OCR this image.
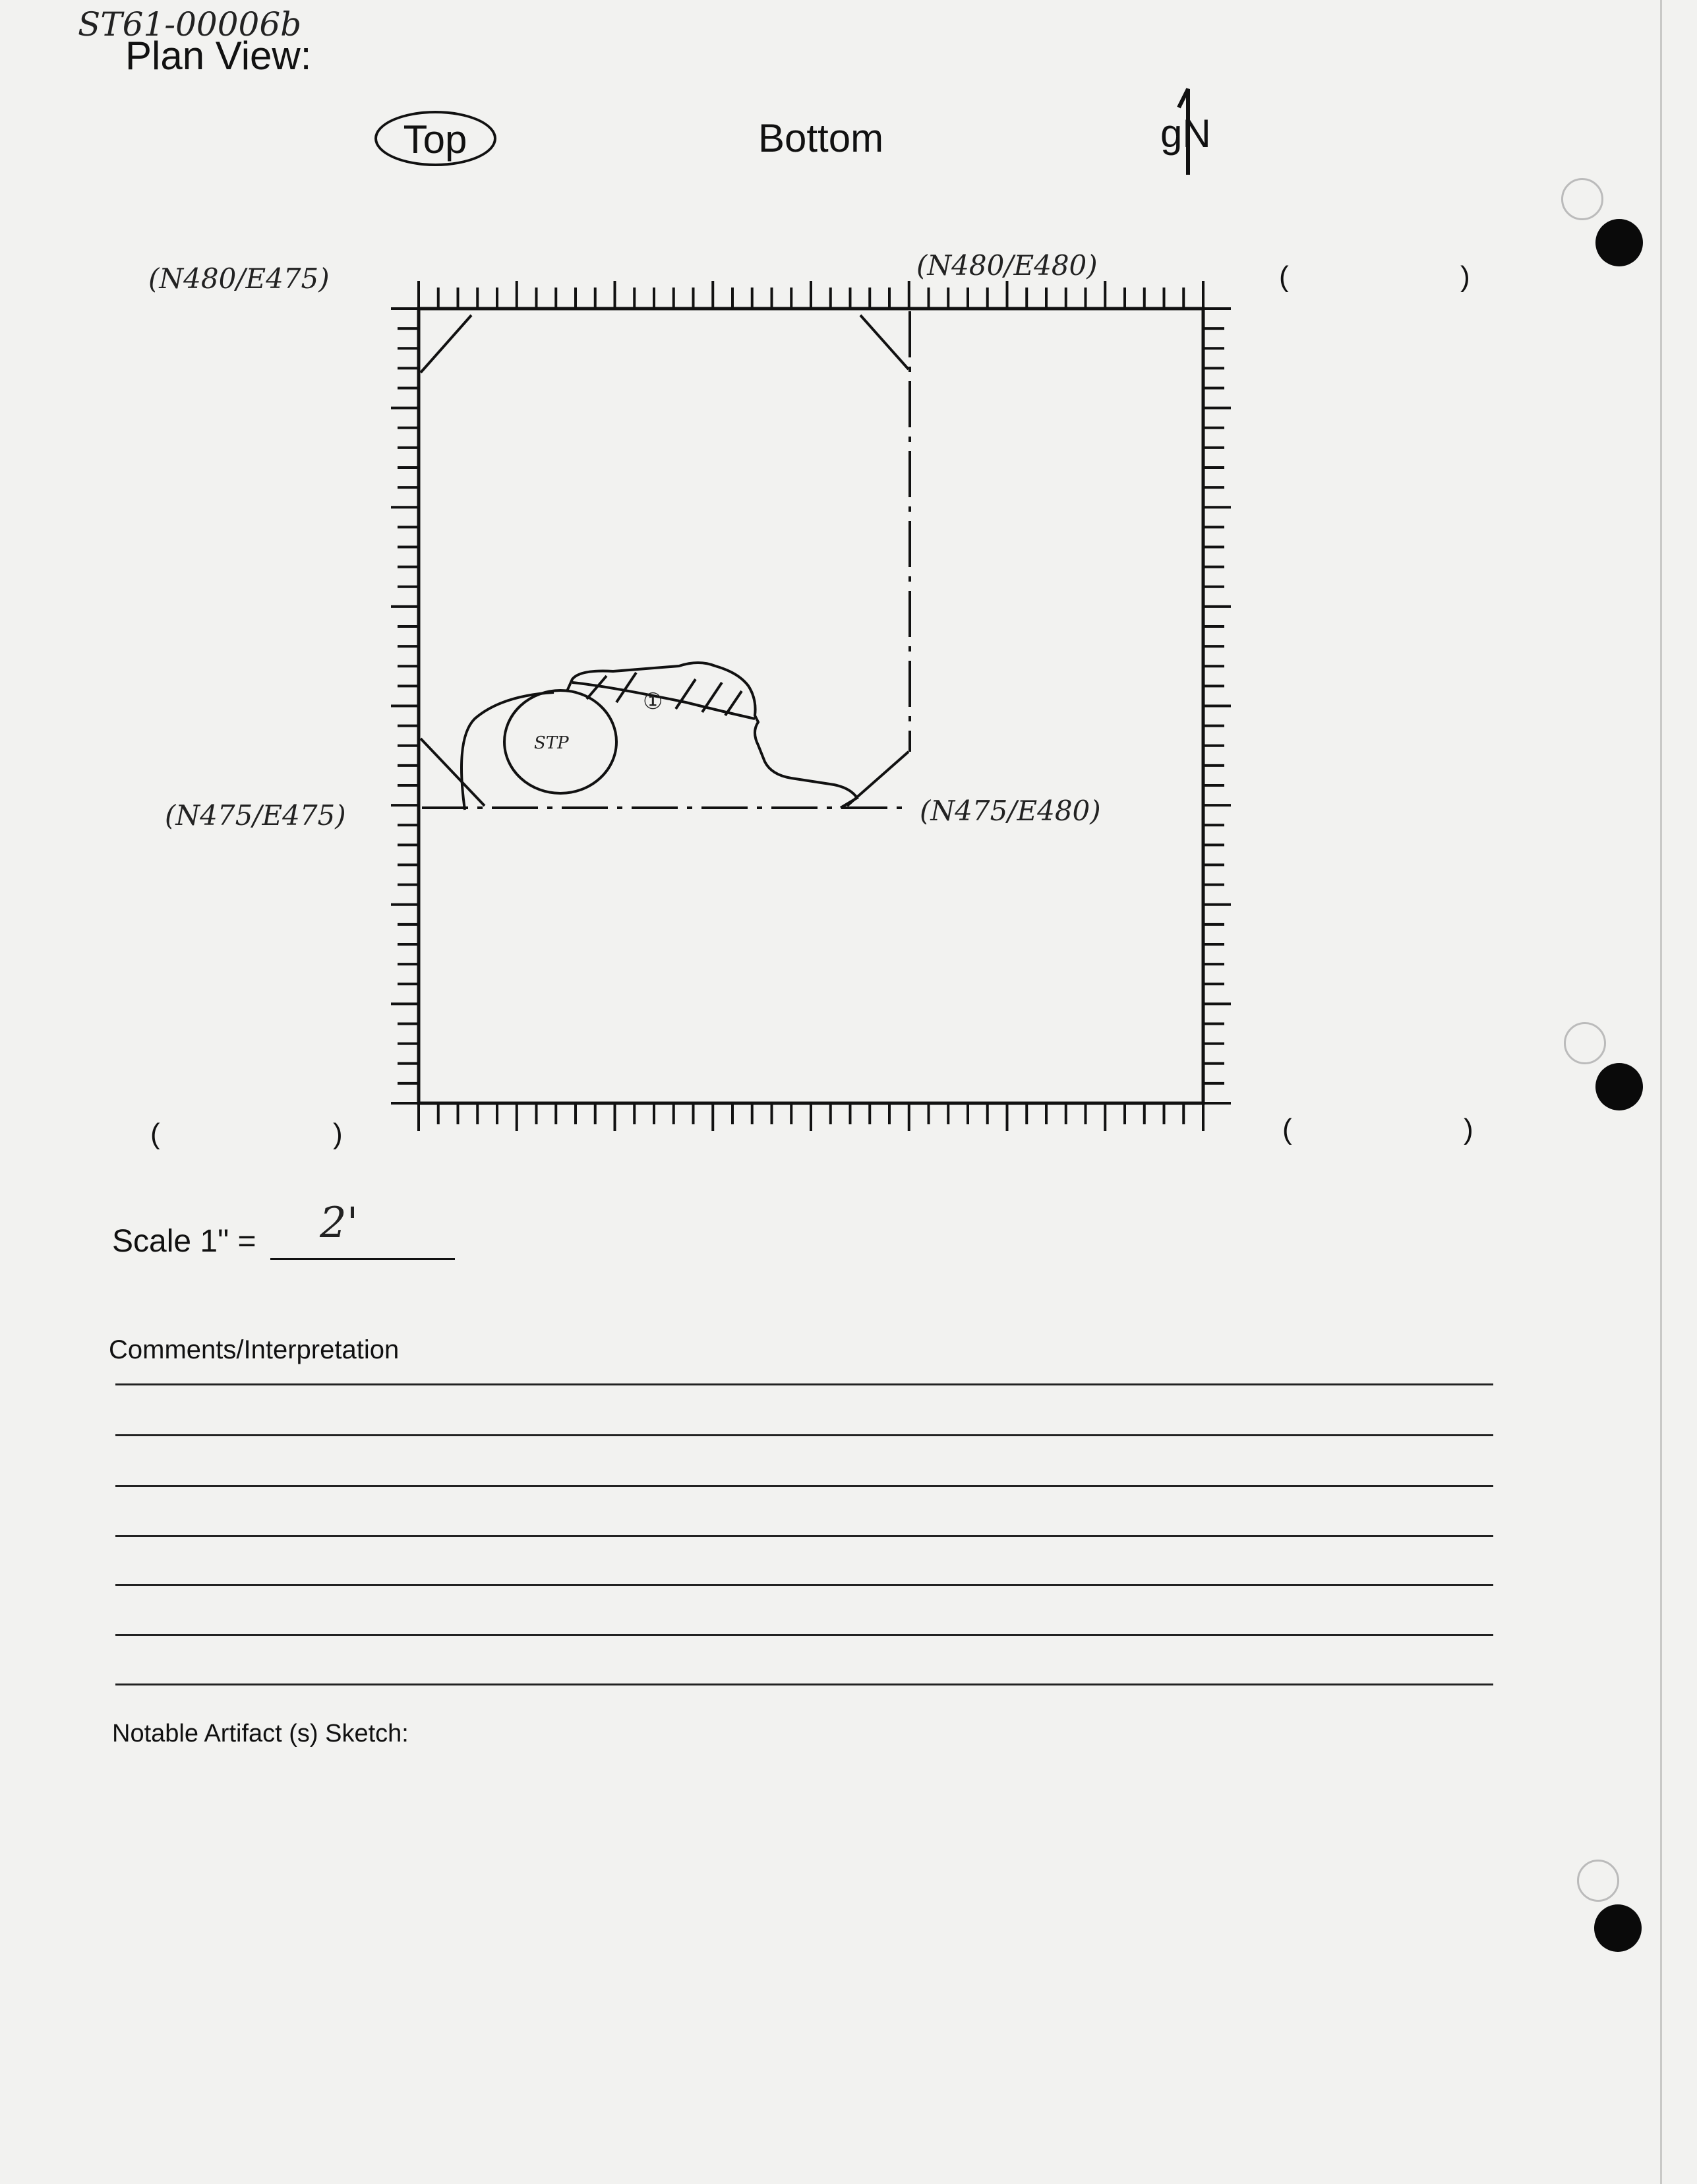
ST61-00006b
Plan View:
Top	Bottom	gN
STP
①
(N480/E475)	(N480/E480)
(N475/E475)	(N475/E480)
(	)
(	)	(	)
Scale 1" = 2'
Comments/Interpretation
Notable Artifact (s) Sketch:
